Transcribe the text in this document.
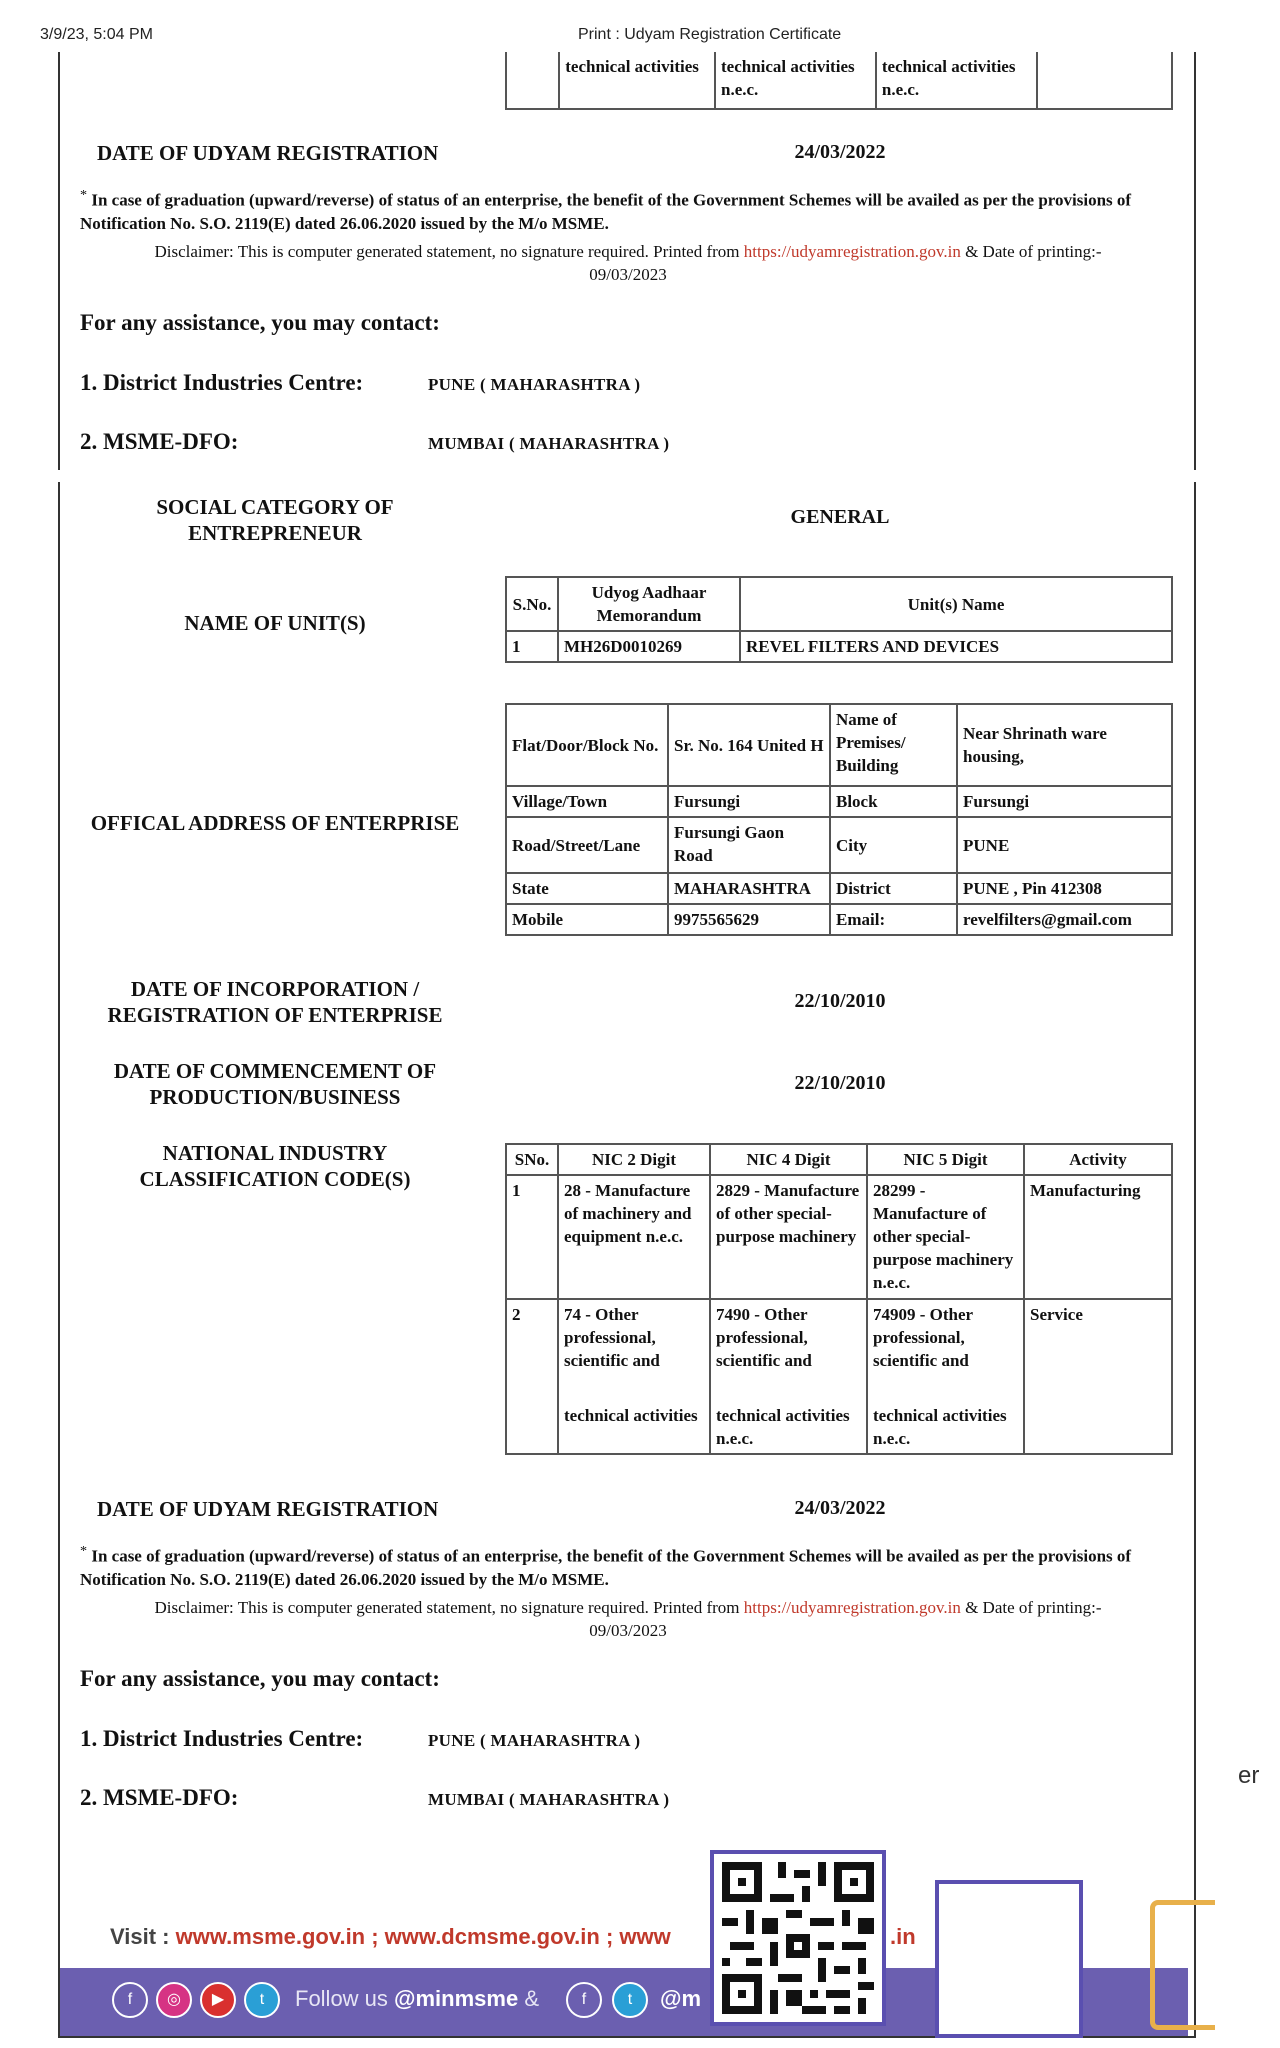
3/9/23, 5:04 PM	Print : Udyam Registration Certificate
	technical activities	technical activities n.e.c.	technical activities n.e.c.	
DATE OF UDYAM REGISTRATION	24/03/2022
* In case of graduation (upward/reverse) of status of an enterprise, the benefit of the Government Schemes will be availed as per the provisions of Notification No. S.O. 2119(E) dated 26.06.2020 issued by the M/o MSME.
Disclaimer: This is computer generated statement, no signature required. Printed from https://udyamregistration.gov.in & Date of printing:-
09/03/2023
For any assistance, you may contact:
1. District Industries Centre:	PUNE ( MAHARASHTRA )
2. MSME-DFO:	MUMBAI ( MAHARASHTRA )
SOCIAL CATEGORY OF ENTREPRENEUR
GENERAL
NAME OF UNIT(S)
S.No.	Udyog Aadhaar Memorandum	Unit(s) Name
1	MH26D0010269	REVEL FILTERS AND DEVICES
OFFICAL ADDRESS OF ENTERPRISE
Flat/Door/Block No.	Sr. No. 164 United H	Name of Premises/ Building	Near Shrinath ware housing,
Village/Town	Fursungi	Block	Fursungi
Road/Street/Lane	Fursungi Gaon Road	City	PUNE
State	MAHARASHTRA	District	PUNE , Pin 412308
Mobile	9975565629	Email:	revelfilters@gmail.com
DATE OF INCORPORATION / REGISTRATION OF ENTERPRISE
22/10/2010
DATE OF COMMENCEMENT OF PRODUCTION/BUSINESS
22/10/2010
NATIONAL INDUSTRY CLASSIFICATION CODE(S)
SNo.	NIC 2 Digit	NIC 4 Digit	NIC 5 Digit	Activity
1	28 - Manufacture of machinery and equipment n.e.c.	2829 - Manufacture of other special-purpose machinery	28299 - Manufacture of other special-purpose machinery n.e.c.	Manufacturing
2	74 - Other professional, scientific and	7490 - Other professional, scientific and	74909 - Other professional, scientific and	Service
	technical activities	technical activities n.e.c.	technical activities n.e.c.	
DATE OF UDYAM REGISTRATION	24/03/2022
* In case of graduation (upward/reverse) of status of an enterprise, the benefit of the Government Schemes will be availed as per the provisions of Notification No. S.O. 2119(E) dated 26.06.2020 issued by the M/o MSME.
Disclaimer: This is computer generated statement, no signature required. Printed from https://udyamregistration.gov.in & Date of printing:-
09/03/2023
For any assistance, you may contact:
1. District Industries Centre:	PUNE ( MAHARASHTRA )
2. MSME-DFO:	MUMBAI ( MAHARASHTRA )
er
Visit : www.msme.gov.in ; www.dcmsme.gov.in ; www	.in
f	◎	▶	t	Follow us @minmsme &	f	t	@m
